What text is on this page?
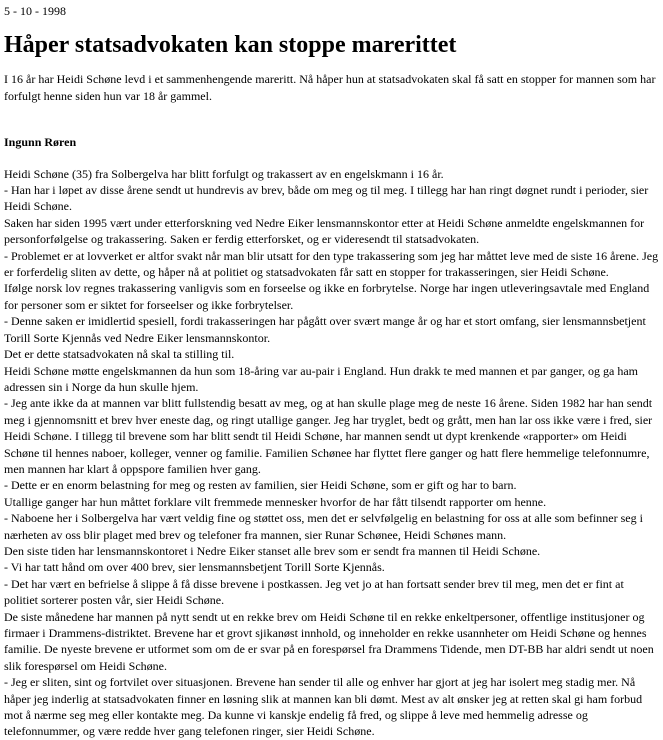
5 - 10 - 1998
Håper statsadvokaten kan stoppe marerittet
I 16 år har Heidi Schøne levd i et sammenhengende mareritt. Nå håper hun at statsadvokaten skal få satt en stopper for mannen som har forfulgt henne siden hun var 18 år gammel.
Ingunn Røren

Heidi Schøne (35) fra Solbergelva har blitt forfulgt og trakassert av en engelskmann i 16 år.

- Han har i løpet av disse årene sendt ut hundrevis av brev, både om meg og til meg. I tillegg har han ringt døgnet rundt i perioder, sier Heidi Schøne.

Saken har siden 1995 vært under etterforskning ved Nedre Eiker lensmannskontor etter at Heidi Schøne anmeldte engelskmannen for personforfølgelse og trakassering. Saken er ferdig etterforsket, og er videresendt til statsadvokaten.

- Problemet er at lovverket er altfor svakt når man blir utsatt for den type trakassering som jeg har måttet leve med de siste 16 årene. Jeg er forferdelig sliten av dette, og håper nå at politiet og statsadvokaten får satt en stopper for trakasseringen, sier Heidi Schøne.

Ifølge norsk lov regnes trakassering vanligvis som en forseelse og ikke en forbrytelse. Norge har ingen utleveringsavtale med England for personer som er siktet for forseelser og ikke forbrytelser.

- Denne saken er imidlertid spesiell, fordi trakasseringen har pågått over svært mange år og har et stort omfang, sier lensmannsbetjent Torill Sorte Kjennås ved Nedre Eiker lensmannskontor.

Det er dette statsadvokaten nå skal ta stilling til.

Heidi Schøne møtte engelskmannen da hun som 18-åring var au-pair i England. Hun drakk te med mannen et par ganger, og ga ham adressen sin i Norge da hun skulle hjem.

- Jeg ante ikke da at mannen var blitt fullstendig besatt av meg, og at han skulle plage meg de neste 16 årene. Siden 1982 har han sendt meg i gjennomsnitt et brev hver eneste dag, og ringt utallige ganger. Jeg har tryglet, bedt og grått, men han lar oss ikke være i fred, sier Heidi Schøne. I tillegg til brevene som har blitt sendt til Heidi Schøne, har mannen sendt ut dypt krenkende «rapporter» om Heidi Schøne til hennes naboer, kolleger, venner og familie. Familien Schønee har flyttet flere ganger og hatt flere hemmelige telefonnumre, men mannen har klart å oppspore familien hver gang.

- Dette er en enorm belastning for meg og resten av familien, sier Heidi Schøne, som er gift og har to barn.

Utallige ganger har hun måttet forklare vilt fremmede mennesker hvorfor de har fått tilsendt rapporter om henne.

- Naboene her i Solbergelva har vært veldig fine og støttet oss, men det er selvfølgelig en belastning for oss at alle som befinner seg i nærheten av oss blir plaget med brev og telefoner fra mannen, sier Runar Schønee, Heidi Schønes mann.

Den siste tiden har lensmannskontoret i Nedre Eiker stanset alle brev som er sendt fra mannen til Heidi Schøne.

- Vi har tatt hånd om over 400 brev, sier lensmannsbetjent Torill Sorte Kjennås.

- Det har vært en befrielse å slippe å få disse brevene i postkassen. Jeg vet jo at han fortsatt sender brev til meg, men det er fint at politiet sorterer posten vår, sier Heidi Schøne.

De siste månedene har mannen på nytt sendt ut en rekke brev om Heidi Schøne til en rekke enkeltpersoner, offentlige institusjoner og firmaer i Drammens-distriktet. Brevene har et grovt sjikanøst innhold, og inneholder en rekke usannheter om Heidi Schøne og hennes familie. De nyeste brevene er utformet som om de er svar på en forespørsel fra Drammens Tidende, men DT-BB har aldri sendt ut noen slik forespørsel om Heidi Schøne.

- Jeg er sliten, sint og fortvilet over situasjonen. Brevene han sender til alle og enhver har gjort at jeg har isolert meg stadig mer. Nå håper jeg inderlig at statsadvokaten finner en løsning slik at mannen kan bli dømt. Mest av alt ønsker jeg at retten skal gi ham forbud mot å nærme seg meg eller kontakte meg. Da kunne vi kanskje endelig få fred, og slippe å leve med hemmelig adresse og telefonnummer, og være redde hver gang telefonen ringer, sier Heidi Schøne.
